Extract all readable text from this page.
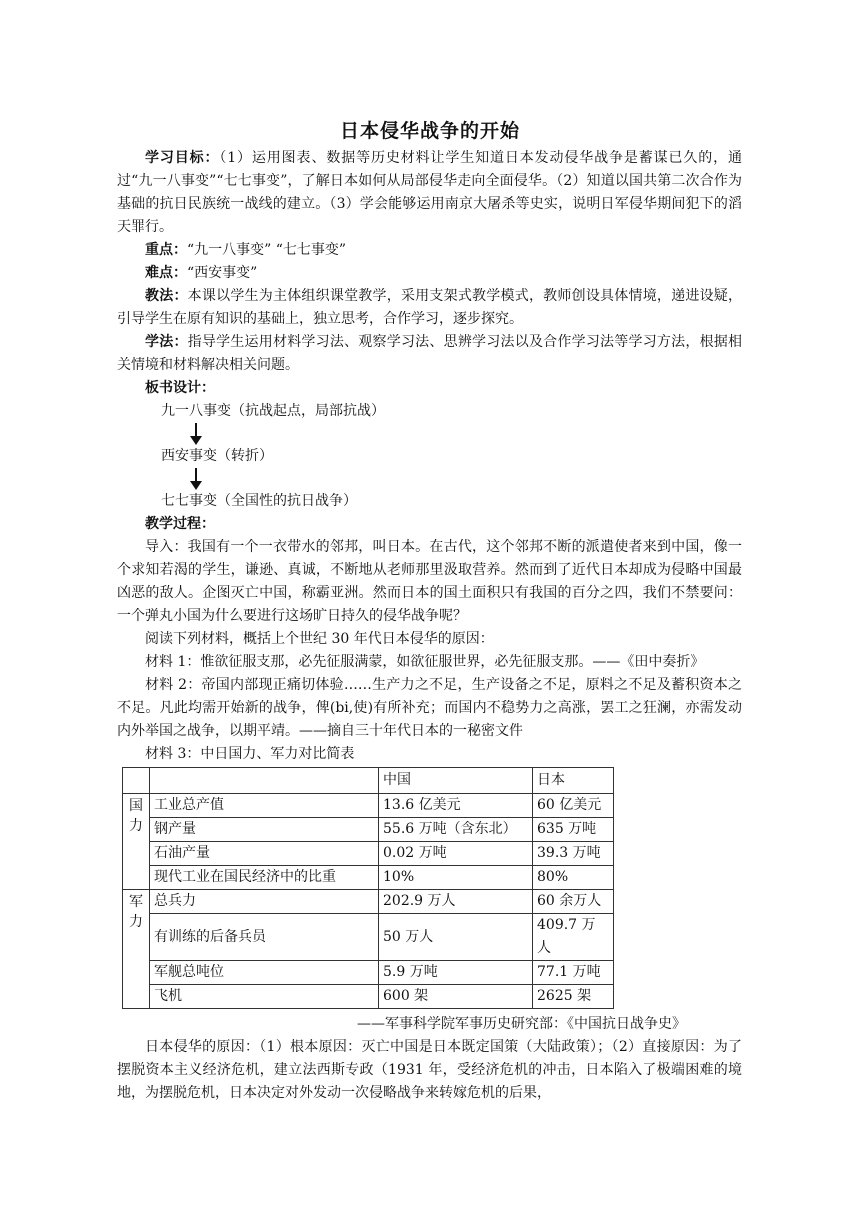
日本侵华战争的开始

学习目标：（1）运用图表、数据等历史材料让学生知道日本发动侵华战争是蓄谋已久的，通过“九一八事变”“七七事变”，了解日本如何从局部侵华走向全面侵华。（2）知道以国共第二次合作为基础的抗日民族统一战线的建立。（3）学会能够运用南京大屠杀等史实，说明日军侵华期间犯下的滔天罪行。

重点：“九一八事变” “七七事变”

难点：“西安事变”

教法：本课以学生为主体组织课堂教学，采用支架式教学模式，教师创设具体情境，递进设疑，引导学生在原有知识的基础上，独立思考，合作学习，逐步探究。

学法：指导学生运用材料学习法、观察学习法、思辨学习法以及合作学习法等学习方法，根据相关情境和材料解决相关问题。

板书设计：

九一八事变（抗战起点，局部抗战）
西安事变（转折）
七七事变（全国性的抗日战争）

教学过程：

导入：我国有一个一衣带水的邻邦，叫日本。在古代，这个邻邦不断的派遣使者来到中国，像一个求知若渴的学生，谦逊、真诚，不断地从老师那里汲取营养。然而到了近代日本却成为侵略中国最凶恶的敌人。企图灭亡中国，称霸亚洲。然而日本的国土面积只有我国的百分之四，我们不禁要问：一个弹丸小国为什么要进行这场旷日持久的侵华战争呢？

阅读下列材料，概括上个世纪 30 年代日本侵华的原因：

材料 1：惟欲征服支那，必先征服满蒙，如欲征服世界，必先征服支那。——《田中奏折》

材料 2：帝国内部现正痛切体验……生产力之不足，生产设备之不足，原料之不足及蓄积资本之不足。凡此均需开始新的战争，俾(bi,使)有所补充；而国内不稳势力之高涨，罢工之狂澜，亦需发动内外举国之战争，以期平靖。——摘自三十年代日本的一秘密文件

材料 3：中日国力、军力对比简表

		中国	日本
国力	工业总产值	13.6 亿美元	60 亿美元
	钢产量	55.6 万吨（含东北）	635 万吨
	石油产量	0.02 万吨	39.3 万吨
	现代工业在国民经济中的比重	10%	80%
军力	总兵力	202.9 万人	60 余万人
	有训练的后备兵员	50 万人	409.7 万人
	军舰总吨位	5.9 万吨	77.1 万吨
	飞机	600 架	2625 架

——军事科学院军事历史研究部：《中国抗日战争史》

日本侵华的原因：（1）根本原因：灭亡中国是日本既定国策（大陆政策）；（2）直接原因：为了摆脱资本主义经济危机，建立法西斯专政（1931 年，受经济危机的冲击，日本陷入了极端困难的境地，为摆脱危机，日本决定对外发动一次侵略战争来转嫁危机的后果，
